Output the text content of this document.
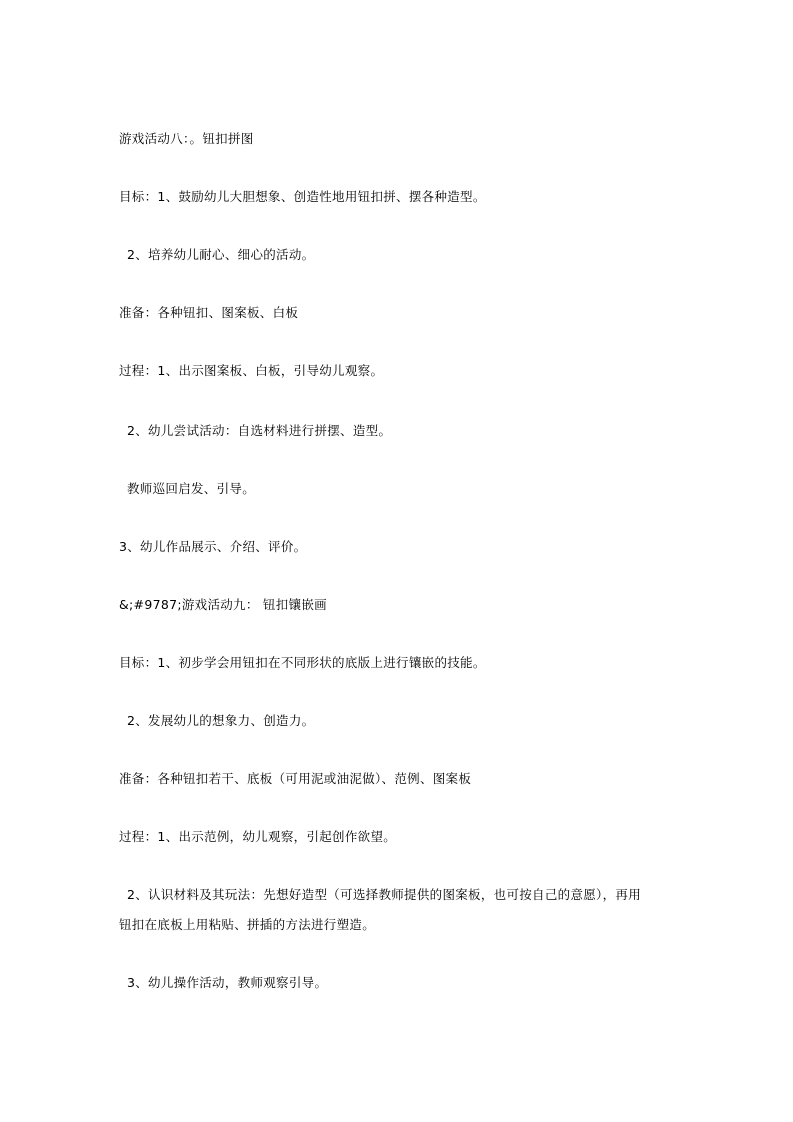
游戏活动八：。钮扣拼图
目标：1、鼓励幼儿大胆想象、创造性地用钮扣拼、摆各种造型。
2、培养幼儿耐心、细心的活动。
准备：各种钮扣、图案板、白板
过程：1、出示图案板、白板，引导幼儿观察。
2、幼儿尝试活动：自选材料进行拼摆、造型。
教师巡回启发、引导。
3、幼儿作品展示、介绍、评价。
&;#9787;游戏活动九： 钮扣镶嵌画
目标：1、初步学会用钮扣在不同形状的底版上进行镶嵌的技能。
2、发展幼儿的想象力、创造力。
准备：各种钮扣若干、底板（可用泥或油泥做）、范例、图案板
过程：1、出示范例，幼儿观察，引起创作欲望。
2、认识材料及其玩法：先想好造型（可选择教师提供的图案板，也可按自己的意愿），再用
钮扣在底板上用粘贴、拼插的方法进行塑造。
3、幼儿操作活动，教师观察引导。
